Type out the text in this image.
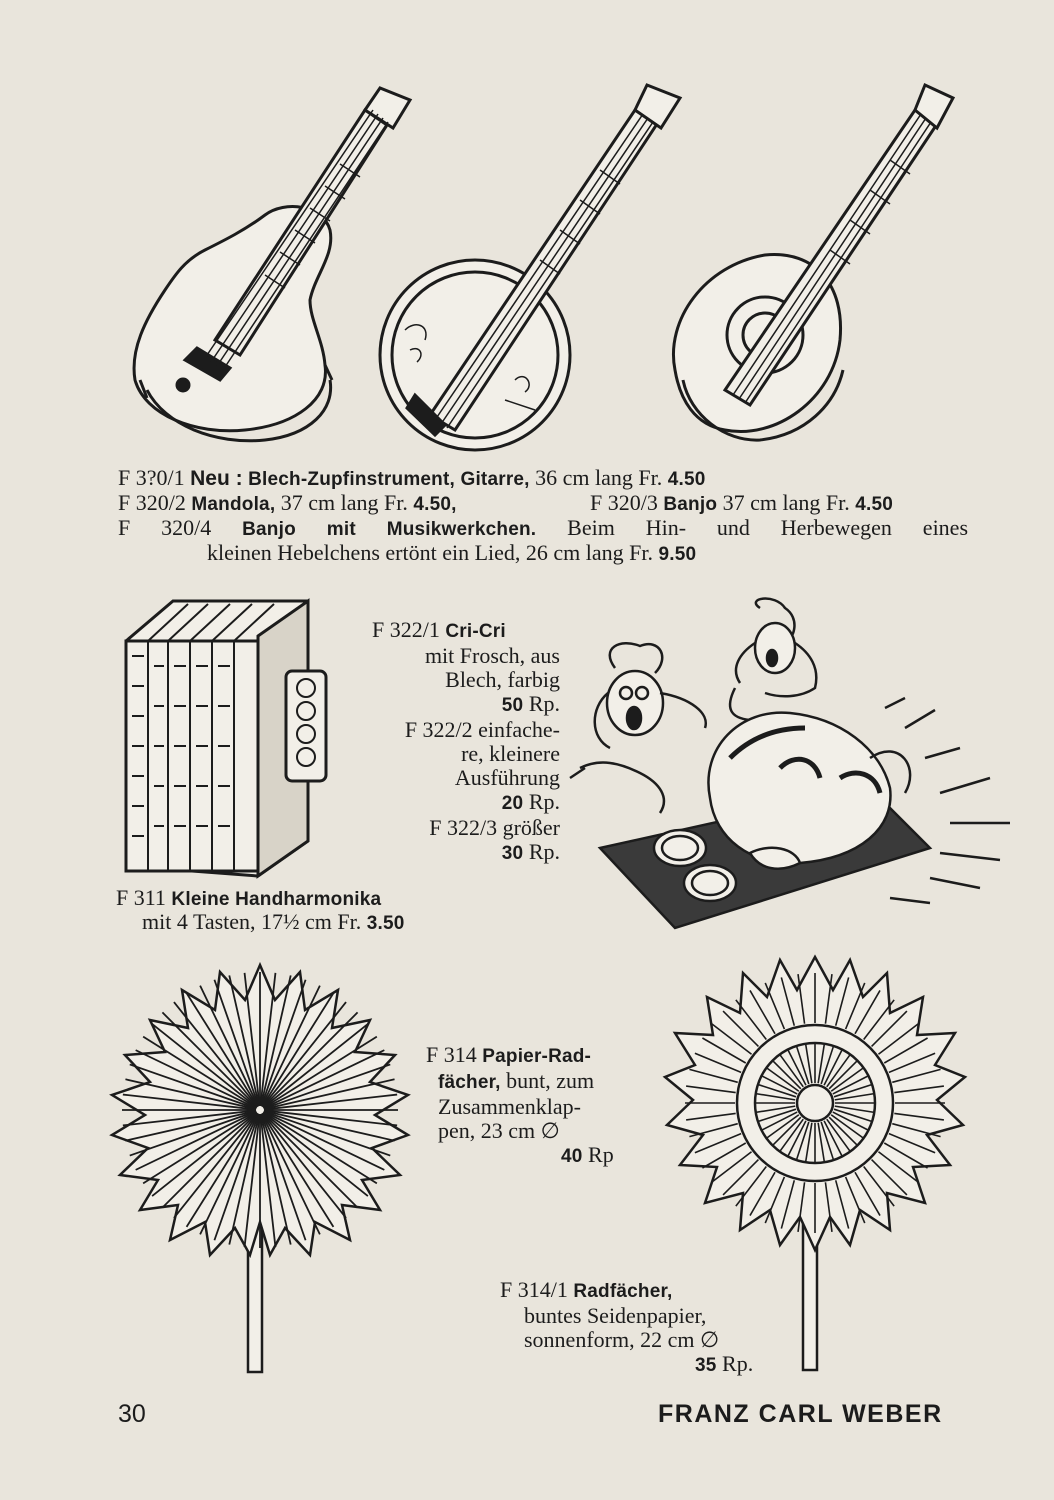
F 3?0/1 Neu : Blech-Zupfinstrument, Gitarre, 36 cm lang Fr. 4.50
F 320/2 Mandola, 37 cm lang Fr. 4.50,	F 320/3 Banjo 37 cm lang Fr. 4.50
F 320/4 Banjo mit Musikwerkchen. Beim Hin- und Herbewegen eines
kleinen Hebelchens ertönt ein Lied, 26 cm lang Fr. 9.50
F 322/1 Cri-Cri
mit Frosch, aus
Blech, farbig
50 Rp.
F 322/2 einfache-
re, kleinere
Ausführung
20 Rp.
F 322/3 größer
30 Rp.
F 311 Kleine Handharmonika
mit 4 Tasten, 17½ cm Fr. 3.50
F 314 Papier-Rad-
fächer, bunt, zum
Zusammenklap-
pen, 23 cm ∅
40 Rp
F 314/1 Radfächer,
buntes Seidenpapier,
sonnenform, 22 cm ∅
35 Rp.
30	FRANZ CARL WEBER
